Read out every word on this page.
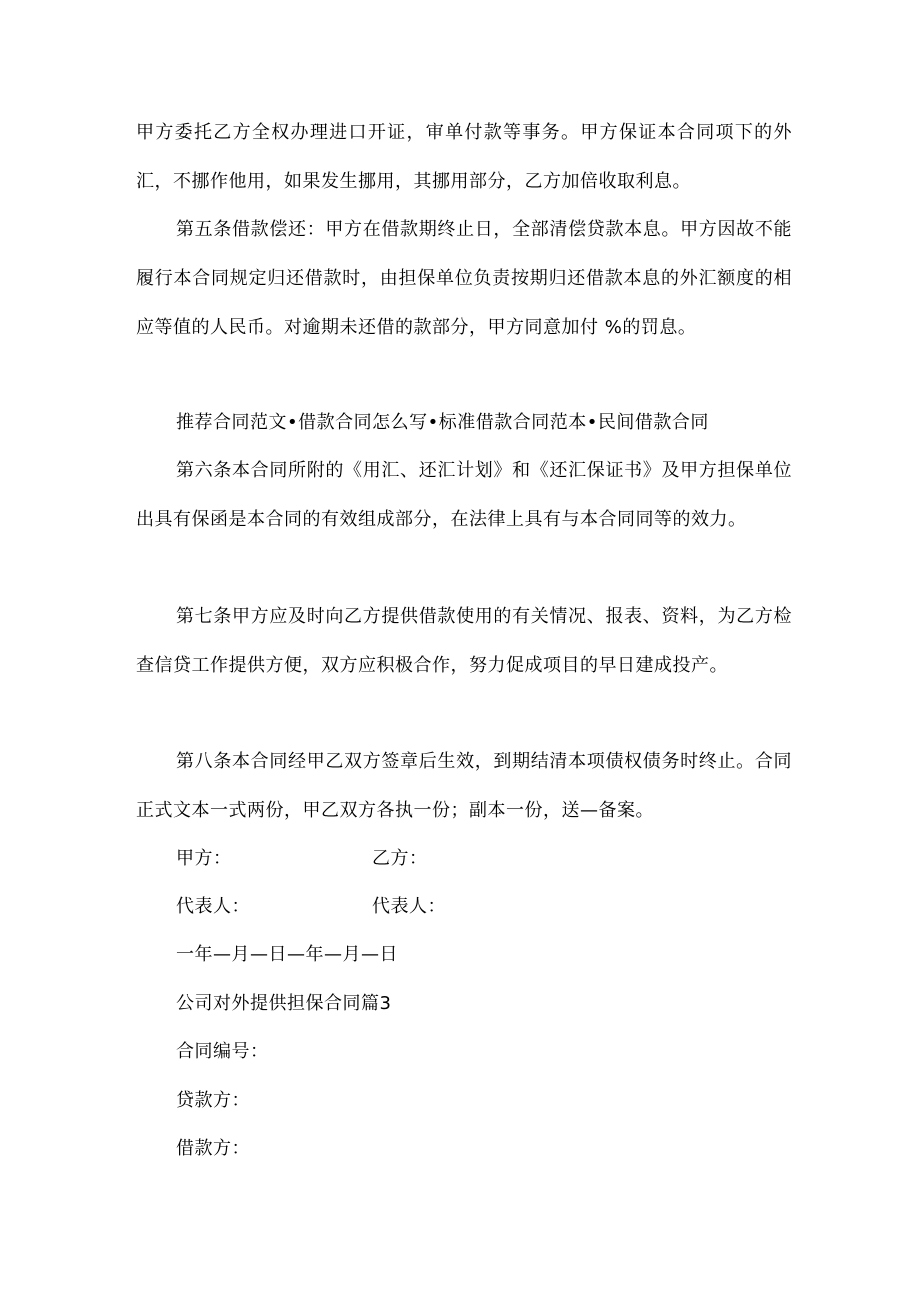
甲方委托乙方全权办理进口开证，审单付款等事务。甲方保证本合同项下的外汇，不挪作他用，如果发生挪用，其挪用部分，乙方加倍收取利息。
第五条借款偿还：甲方在借款期终止日，全部清偿贷款本息。甲方因故不能履行本合同规定归还借款时，由担保单位负责按期归还借款本息的外汇额度的相应等值的人民币。对逾期未还借的款部分，甲方同意加付 %的罚息。
推荐合同范文•借款合同怎么写•标准借款合同范本•民间借款合同
第六条本合同所附的《用汇、还汇计划》和《还汇保证书》及甲方担保单位出具有保函是本合同的有效组成部分，在法律上具有与本合同同等的效力。
第七条甲方应及时向乙方提供借款使用的有关情况、报表、资料，为乙方检查信贷工作提供方便，双方应积极合作，努力促成项目的早日建成投产。
第八条本合同经甲乙双方签章后生效，到期结清本项债权债务时终止。合同正式文本一式两份，甲乙双方各执一份；副本一份，送—备案。
甲方：	乙方：
代表人：	代表人：
一年—月—日—年—月—日
公司对外提供担保合同篇3
合同编号：
贷款方：
借款方：
